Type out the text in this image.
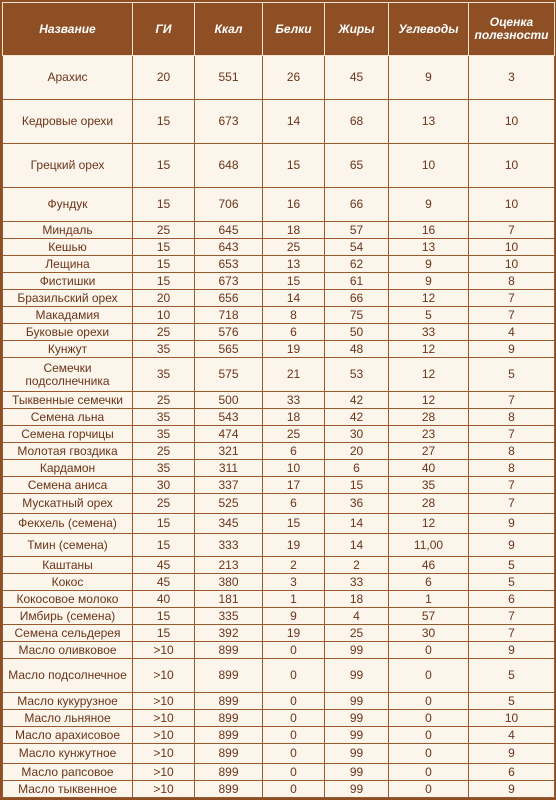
Название	ГИ	Ккал	Белки	Жиры	Углеводы	Оценка полезности
Арахис	20	551	26	45	9	3
Кедровые орехи	15	673	14	68	13	10
Грецкий орех	15	648	15	65	10	10
Фундук	15	706	16	66	9	10
Миндаль	25	645	18	57	16	7
Кешью	15	643	25	54	13	10
Лещина	15	653	13	62	9	10
Фистишки	15	673	15	61	9	8
Бразильский орех	20	656	14	66	12	7
Макадамия	10	718	8	75	5	7
Буковые орехи	25	576	6	50	33	4
Кунжут	35	565	19	48	12	9
Семечки подсолнечника	35	575	21	53	12	5
Тыквенные семечки	25	500	33	42	12	7
Семена льна	35	543	18	42	28	8
Семена горчицы	35	474	25	30	23	7
Молотая гвоздика	25	321	6	20	27	8
Кардамон	35	311	10	6	40	8
Семена аниса	30	337	17	15	35	7
Мускатный орех	25	525	6	36	28	7
Фекхель (семена)	15	345	15	14	12	9
Тмин (семена)	15	333	19	14	11,00	9
Каштаны	45	213	2	2	46	5
Кокос	45	380	3	33	6	5
Кокосовое молоко	40	181	1	18	1	6
Имбирь (семена)	15	335	9	4	57	7
Семена сельдерея	15	392	19	25	30	7
Масло оливковое	>10	899	0	99	0	9
Масло подсолнечное	>10	899	0	99	0	5
Масло кукурузное	>10	899	0	99	0	5
Масло льняное	>10	899	0	99	0	10
Масло арахисовое	>10	899	0	99	0	4
Масло кунжутное	>10	899	0	99	0	9
Масло рапсовое	>10	899	0	99	0	6
Масло тыквенное	>10	899	0	99	0	9
